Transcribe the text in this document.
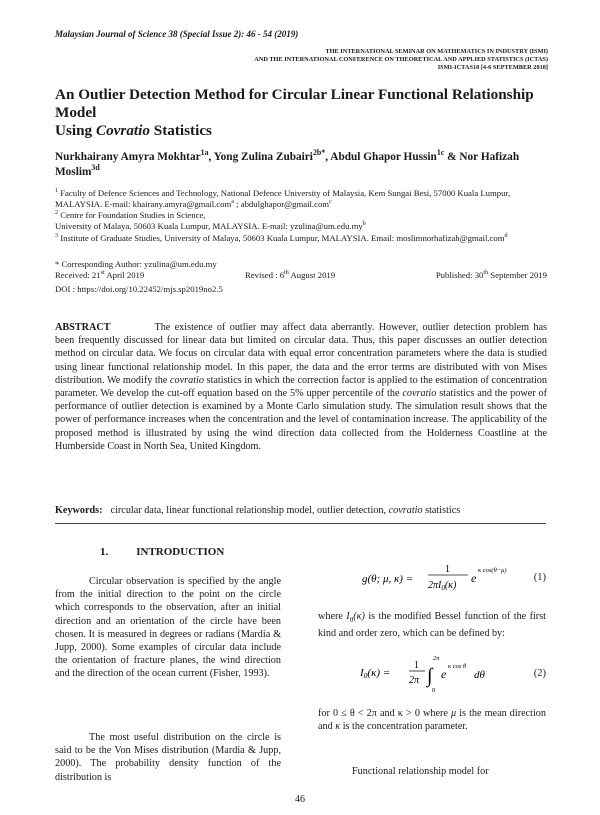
Malaysian Journal of Science 38 (Special Issue 2): 46 - 54 (2019)
THE INTERNATIONAL SEMINAR ON MATHEMATICS IN INDUSTRY (ISMI)
AND THE INTERNATIONAL CONFERENCE ON THEORETICAL AND APPLIED STATISTICS (ICTAS)
ISMI-ICTAS18 [4-6 SEPTEMBER 2018]
An Outlier Detection Method for Circular Linear Functional Relationship Model
Using Covratio Statistics
Nurkhairany Amyra Mokhtar$^{1a}$, Yong Zulina Zubairi$^{2b*}$, Abdul Ghapor Hussin$^{1c}$ & Nor Hafizah Moslim$^{3d}$
$^1$ Faculty of Defence Sciences and Technology, National Defence University of Malaysia, Kem Sungai Besi, 57000 Kuala Lumpur, MALAYSIA. E-mail: khairany.amyra@gmail.com$^a$ ; abdulghapor@gmail.com$^c$
$^2$ Centre for Foundation Studies in Science,
University of Malaya, 50603 Kuala Lumpur, MALAYSIA. E-mail: $yzulina@um.edu.my^b$
$^3$ Institute of Graduate Studies, University of Malaya, 50603 Kuala Lumpur, MALAYSIA. Email: moslimnorhafizah@gmail.com$^d$
* Corresponding Author: yzulina@um.edu.my
Received: 21st April 2019	Revised : 6th August 2019	Published: 30th September 2019
DOI : https://doi.org/10.22452/mjs.sp2019no2.5
ABSTRACT	The existence of outlier may affect data aberrantly. However, outlier detection problem has been frequently discussed for linear data but limited on circular data. Thus, this paper discusses an outlier detection method on circular data. We focus on circular data with equal error concentration parameters where the data is studied using linear functional relationship model. In this paper, the data and the error terms are distributed with von Mises distribution. We modify the covratio statistics in which the correction factor is applied to the estimation of concentration parameter. We develop the cut-off equation based on the 5% upper percentile of the covratio statistics and the power of performance of outlier detection is examined by a Monte Carlo simulation study. The simulation result shows that the power of performance increases when the concentration and the level of contamination increase. The applicability of the proposed method is illustrated by using the wind direction data collected from the Holderness Coastline at the Humberside Coast in North Sea, United Kingdom.
Keywords: circular data, linear functional relationship model, outlier detection, covratio statistics
1.	INTRODUCTION

Circular observation is specified by the angle from the initial direction to the point on the circle which corresponds to the observation, after an initial direction and an orientation of the circle have been chosen. It is measured in degrees or radians (Mardia & Jupp, 2000). Some examples of circular data include the orientation of fracture planes, the wind direction and the direction of the ocean current (Fisher, 1993).

The most useful distribution on the circle is said to be the Von Mises distribution (Mardia & Jupp, 2000). The probability density function of the distribution is

g(θ; μ, κ) =
1
$2\pi I_0(\kappa)$
e
κ cos(θ−μ)
(1)
where $I_0(\kappa)$ is the modified Bessel function of the first kind and order zero, which can be defined by:
I0(κ) =
1
2π
2π
∫
0
e
κ cos θ
dθ	(2)
for 0 ≤ θ < 2π and κ > 0 where μ is the mean direction and κ is the concentration parameter.

Functional relationship model for

46
